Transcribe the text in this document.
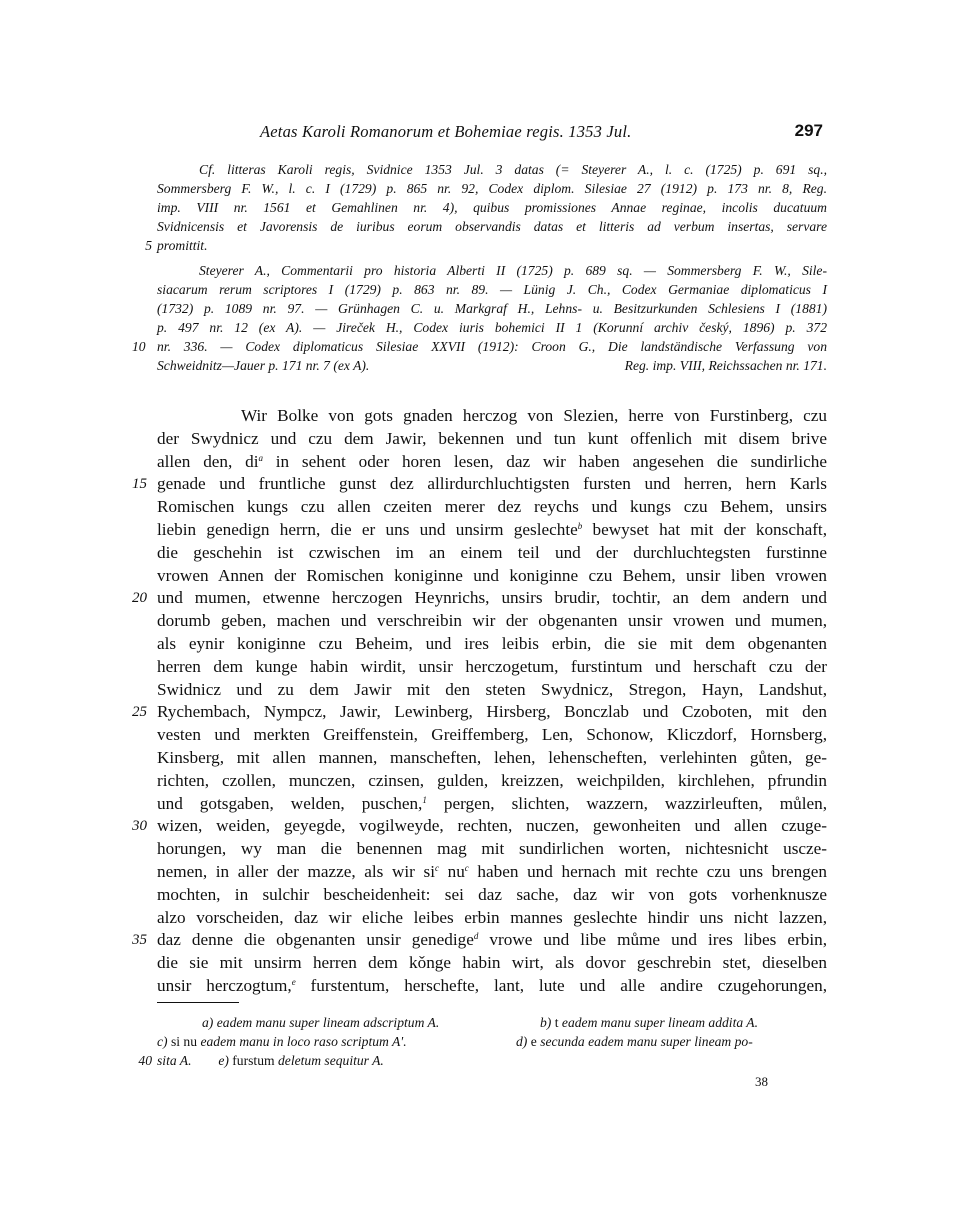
Aetas Karoli Romanorum et Bohemiae regis. 1353 Jul.	297
Cf. litteras Karoli regis, Svidnice 1353 Jul. 3 datas (= Steyerer A., l. c. (1725) p. 691 sq.,
Sommersberg F. W., l. c. I (1729) p. 865 nr. 92, Codex diplom. Silesiae 27 (1912) p. 173 nr. 8, Reg.
imp. VIII nr. 1561 et Gemahlinen nr. 4), quibus promissiones Annae reginae, incolis ducatuum
Svidnicensis et Javorensis de iuribus eorum observandis datas et litteris ad verbum insertas, servare
5 promittit.
Steyerer A., Commentarii pro historia Alberti II (1725) p. 689 sq. — Sommersberg F. W., Sile-
siacarum rerum scriptores I (1729) p. 863 nr. 89. — Lünig J. Ch., Codex Germaniae diplomaticus I
(1732) p. 1089 nr. 97. — Grünhagen C. u. Markgraf H., Lehns- u. Besitzurkunden Schlesiens I (1881)
p. 497 nr. 12 (ex A). — Jireček H., Codex iuris bohemici II 1 (Korunní archiv český, 1896) p. 372
10 nr. 336. — Codex diplomaticus Silesiae XXVII (1912): Croon G., Die landständische Verfassung von
Schweidnitz—Jauer p. 171 nr. 7 (ex A).	Reg. imp. VIII, Reichssachen nr. 171.
Wir Bolke von gots gnaden herczog von Slezien, herre von Furstinberg, czu
der Swydnicz und czu dem Jawir, bekennen und tun kunt offenlich mit disem brive
allen den, $di^a$ in sehent oder horen lesen, daz wir haben angesehen die sundirliche
15 genade und fruntliche gunst dez allirdurchluchtigsten fursten und herren, hern Karls
Romischen kungs czu allen czeiten merer dez reychs und kungs czu Behem, unsirs
liebin genedign herrn, die er uns und unsirm geslechte$^b$ bewyset hat mit der konschaft,
die geschehin ist czwischen im an einem teil und der durchluchtegsten furstinne
vrowen Annen der Romischen koniginne und koniginne czu Behem, unsir liben vrowen
20 und mumen, etwenne herczogen Heynrichs, unsirs brudir, tochtir, an dem andern und
dorumb geben, machen und verschreibin wir der obgenanten unsir vrowen und mumen,
als eynir koniginne czu Beheim, und ires leibis erbin, die sie mit dem obgenanten
herren dem kunge habin wirdit, unsir herczogetum, furstintum und herschaft czu der
Swidnicz und zu dem Jawir mit den steten Swydnicz, Stregon, Hayn, Landshut,
25 Rychembach, Nympcz, Jawir, Lewinberg, Hirsberg, Bonczlab und Czoboten, mit den
vesten und merkten Greiffenstein, Greiffemberg, Len, Schonow, Kliczdorf, Hornsberg,
Kinsberg, mit allen mannen, manscheften, lehen, lehenscheften, verlehinten gůten, ge-
richten, czollen, munczen, czinsen, gulden, kreizzen, weichpilden, kirchlehen, pfrundin
und gotsgaben, welden, puschen,$^1$ pergen, slichten, wazzern, wazzirleuften, můlen,
30 wizen, weiden, geyegde, vogilweyde, rechten, nuczen, gewonheiten und allen czuge-
horungen, wy man die benennen mag mit sundirlichen worten, nichtesnicht uscze-
nemen, in aller der mazze, als wir $si^c$ $nu^c$ haben und hernach mit rechte czu uns brengen
mochten, in sulchir bescheidenheit: sei daz sache, daz wir von gots vorhenknusze
alzo vorscheiden, daz wir eliche leibes erbin mannes geslechte hindir uns nicht lazzen,
35 daz denne die obgenanten unsir genedige$^d$ vrowe und libe můme und ires libes erbin,
die sie mit unsirm herren dem kǒnge habin wirt, als dovor geschrebin stet, dieselben
unsir herczogtum,$^e$ furstentum, herschefte, lant, lute und alle andire czugehorungen,
a) eadem manu super lineam adscriptum A.	b) t eadem manu super lineam addita A.
c) si nu eadem manu in loco raso scriptum A'.	d) e secunda eadem manu super lineam po-
40 sita A. e) furstum deletum sequitur A.
38
